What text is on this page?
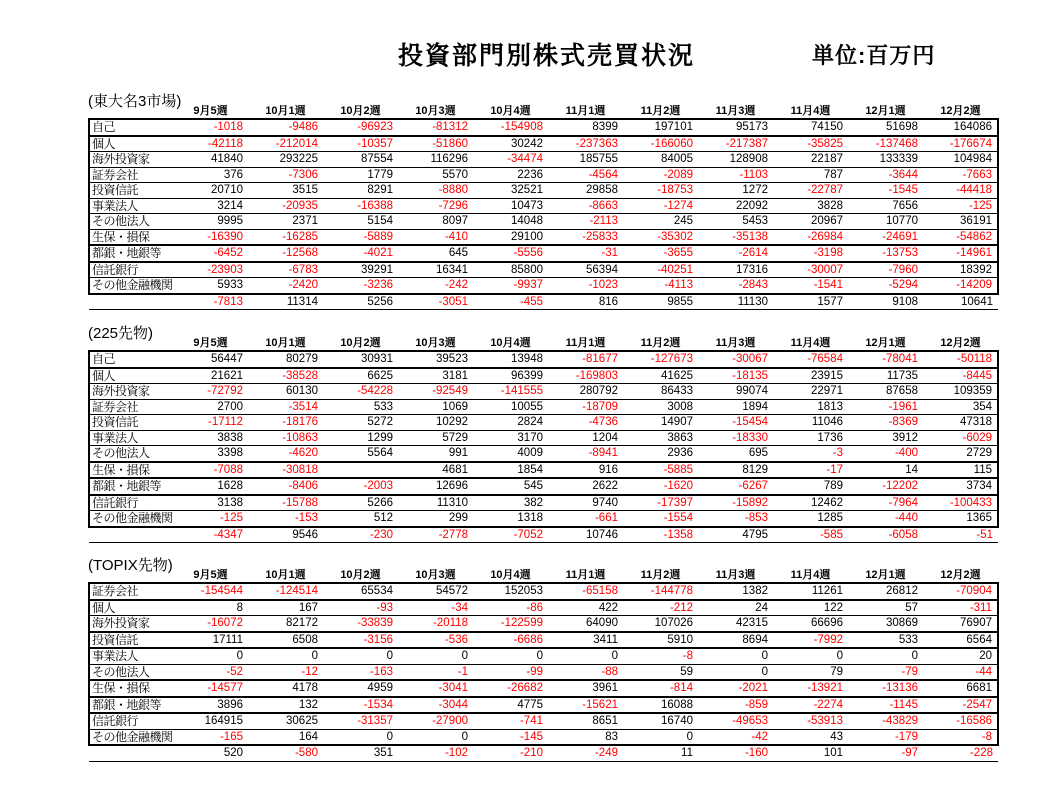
投資部門別株式売買状況	単位:百万円
(東大名3市場)
	9月5週	10月1週	10月2週	10月3週	10月4週	11月1週	11月2週	11月3週	11月4週	12月1週	12月2週
自己	-1018	-9486	-96923	-81312	-154908	8399	197101	95173	74150	51698	164086
個人	-42118	-212014	-10357	-51860	30242	-237363	-166060	-217387	-35825	-137468	-176674
海外投資家	41840	293225	87554	116296	-34474	185755	84005	128908	22187	133339	104984
証券会社	376	-7306	1779	5570	2236	-4564	-2089	-1103	787	-3644	-7663
投資信託	20710	3515	8291	-8880	32521	29858	-18753	1272	-22787	-1545	-44418
事業法人	3214	-20935	-16388	-7296	10473	-8663	-1274	22092	3828	7656	-125
その他法人	9995	2371	5154	8097	14048	-2113	245	5453	20967	10770	36191
生保・損保	-16390	-16285	-5889	-410	29100	-25833	-35302	-35138	-26984	-24691	-54862
都銀・地銀等	-6452	-12568	-4021	645	-5556	-31	-3655	-2614	-3198	-13753	-14961
信託銀行	-23903	-6783	39291	16341	85800	56394	-40251	17316	-30007	-7960	18392
その他金融機関	5933	-2420	-3236	-242	-9937	-1023	-4113	-2843	-1541	-5294	-14209
	-7813	11314	5256	-3051	-455	816	9855	11130	1577	9108	10641
(225先物)
	9月5週	10月1週	10月2週	10月3週	10月4週	11月1週	11月2週	11月3週	11月4週	12月1週	12月2週
自己	56447	80279	30931	39523	13948	-81677	-127673	-30067	-76584	-78041	-50118
個人	21621	-38528	6625	3181	96399	-169803	41625	-18135	23915	11735	-8445
海外投資家	-72792	60130	-54228	-92549	-141555	280792	86433	99074	22971	87658	109359
証券会社	2700	-3514	533	1069	10055	-18709	3008	1894	1813	-1961	354
投資信託	-17112	-18176	5272	10292	2824	-4736	14907	-15454	11046	-8369	47318
事業法人	3838	-10863	1299	5729	3170	1204	3863	-18330	1736	3912	-6029
その他法人	3398	-4620	5564	991	4009	-8941	2936	695	-3	-400	2729
生保・損保	-7088	-30818		4681	1854	916	-5885	8129	-17	14	115
都銀・地銀等	1628	-8406	-2003	12696	545	2622	-1620	-6267	789	-12202	3734
信託銀行	3138	-15788	5266	11310	382	9740	-17397	-15892	12462	-7964	-100433
その他金融機関	-125	-153	512	299	1318	-661	-1554	-853	1285	-440	1365
	-4347	9546	-230	-2778	-7052	10746	-1358	4795	-585	-6058	-51
(TOPIX先物)
	9月5週	10月1週	10月2週	10月3週	10月4週	11月1週	11月2週	11月3週	11月4週	12月1週	12月2週
証券会社	-154544	-124514	65534	54572	152053	-65158	-144778	1382	11261	26812	-70904
個人	8	167	-93	-34	-86	422	-212	24	122	57	-311
海外投資家	-16072	82172	-33839	-20118	-122599	64090	107026	42315	66696	30869	76907
投資信託	17111	6508	-3156	-536	-6686	3411	5910	8694	-7992	533	6564
事業法人	0	0	0	0	0	0	-8	0	0	0	20
その他法人	-52	-12	-163	-1	-99	-88	59	0	79	-79	-44
生保・損保	-14577	4178	4959	-3041	-26682	3961	-814	-2021	-13921	-13136	6681
都銀・地銀等	3896	132	-1534	-3044	4775	-15621	16088	-859	-2274	-1145	-2547
信託銀行	164915	30625	-31357	-27900	-741	8651	16740	-49653	-53913	-43829	-16586
その他金融機関	-165	164	0	0	-145	83	0	-42	43	-179	-8
	520	-580	351	-102	-210	-249	11	-160	101	-97	-228
